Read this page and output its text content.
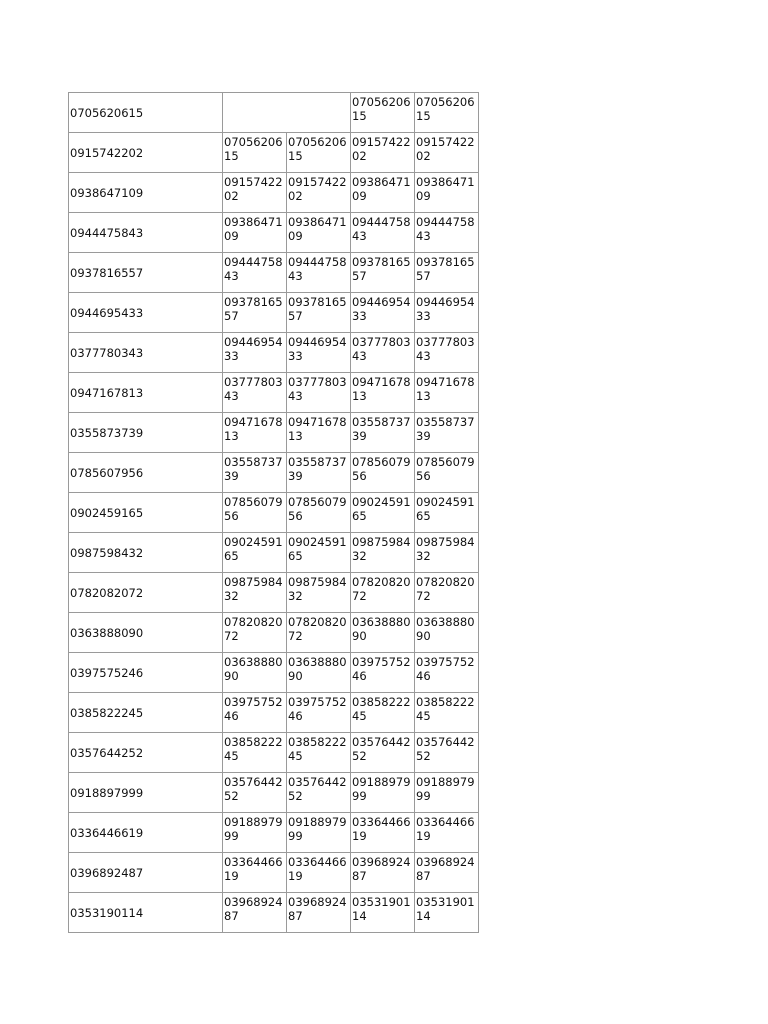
0705620615			0705620615	0705620615
0915742202	0705620615	0705620615	0915742202	0915742202
0938647109	0915742202	0915742202	0938647109	0938647109
0944475843	0938647109	0938647109	0944475843	0944475843
0937816557	0944475843	0944475843	0937816557	0937816557
0944695433	0937816557	0937816557	0944695433	0944695433
0377780343	0944695433	0944695433	0377780343	0377780343
0947167813	0377780343	0377780343	0947167813	0947167813
0355873739	0947167813	0947167813	0355873739	0355873739
0785607956	0355873739	0355873739	0785607956	0785607956
0902459165	0785607956	0785607956	0902459165	0902459165
0987598432	0902459165	0902459165	0987598432	0987598432
0782082072	0987598432	0987598432	0782082072	0782082072
0363888090	0782082072	0782082072	0363888090	0363888090
0397575246	0363888090	0363888090	0397575246	0397575246
0385822245	0397575246	0397575246	0385822245	0385822245
0357644252	0385822245	0385822245	0357644252	0357644252
0918897999	0357644252	0357644252	0918897999	0918897999
0336446619	0918897999	0918897999	0336446619	0336446619
0396892487	0336446619	0336446619	0396892487	0396892487
0353190114	0396892487	0396892487	0353190114	0353190114
